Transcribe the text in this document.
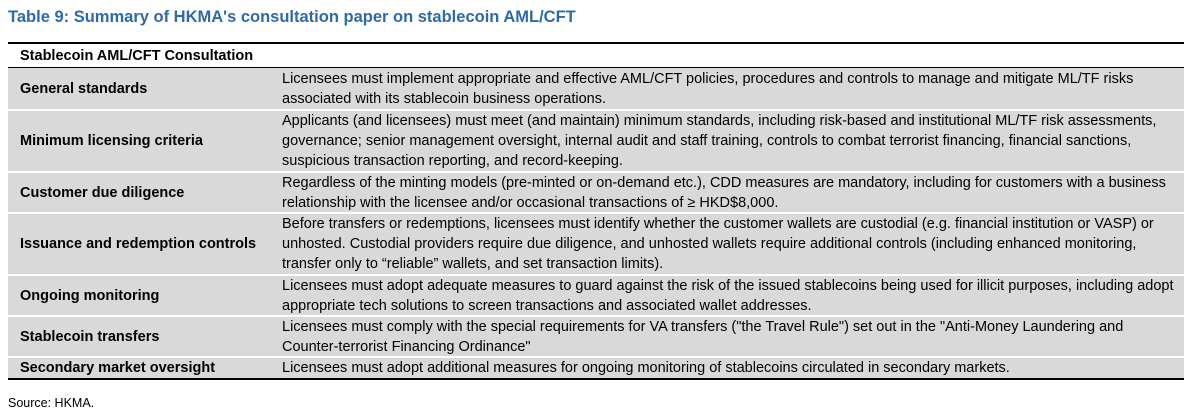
Table 9: Summary of HKMA's consultation paper on stablecoin AML/CFT
Stablecoin AML/CFT Consultation
General standards
Licensees must implement appropriate and effective AML/CFT policies, procedures and controls to manage and mitigate ML/TF risks associated with its stablecoin business operations.
Minimum licensing criteria
Applicants (and licensees) must meet (and maintain) minimum standards, including risk-based and institutional ML/TF risk assessments, governance; senior management oversight, internal audit and staff training, controls to combat terrorist financing, financial sanctions, suspicious transaction reporting, and record-keeping.
Customer due diligence
Regardless of the minting models (pre-minted or on-demand etc.), CDD measures are mandatory, including for customers with a business relationship with the licensee and/or occasional transactions of ≥ HKD$8,000.
Issuance and redemption controls
Before transfers or redemptions, licensees must identify whether the customer wallets are custodial (e.g. financial institution or VASP) or unhosted. Custodial providers require due diligence, and unhosted wallets require additional controls (including enhanced monitoring, transfer only to “reliable” wallets, and set transaction limits).
Ongoing monitoring
Licensees must adopt adequate measures to guard against the risk of the issued stablecoins being used for illicit purposes, including adopt appropriate tech solutions to screen transactions and associated wallet addresses.
Stablecoin transfers
Licensees must comply with the special requirements for VA transfers ("the Travel Rule") set out in the "Anti-Money Laundering and Counter-terrorist Financing Ordinance"
Secondary market oversight	Licensees must adopt additional measures for ongoing monitoring of stablecoins circulated in secondary markets.
Source: HKMA.
